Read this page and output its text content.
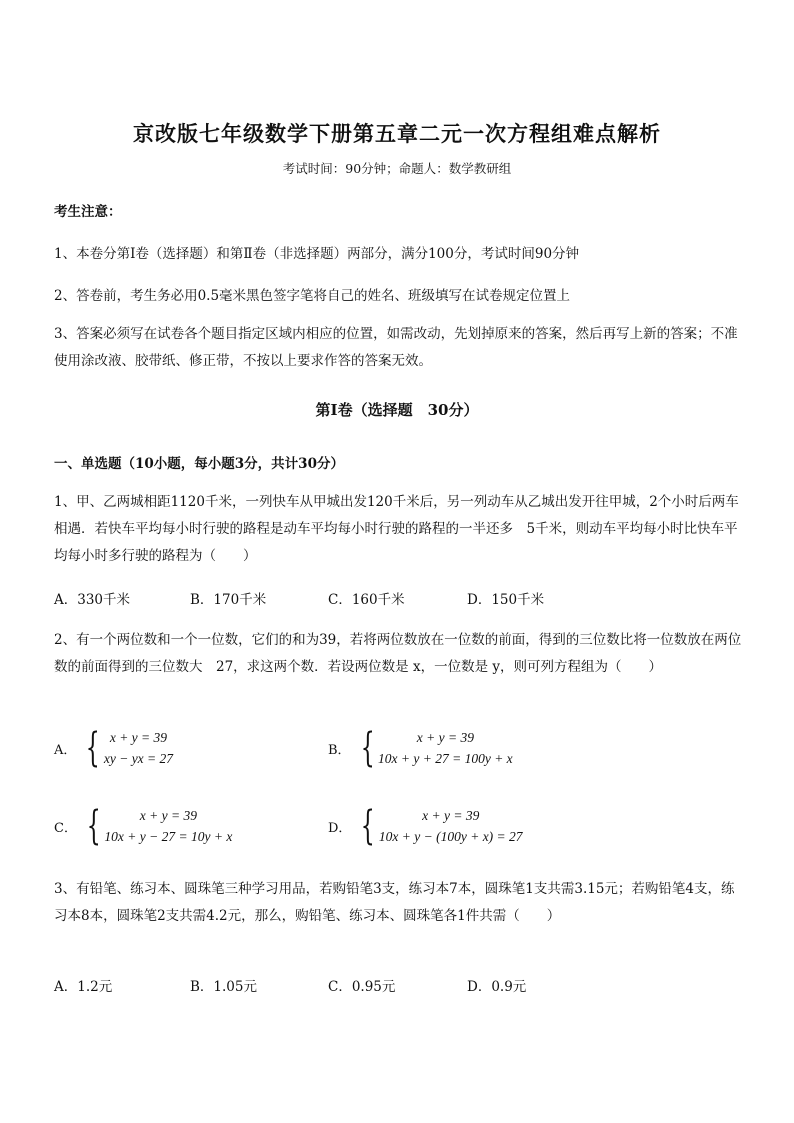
京改版七年级数学下册第五章二元一次方程组难点解析
考试时间：90分钟；命题人：数学教研组
考生注意：
1、本卷分第Ⅰ卷（选择题）和第Ⅱ卷（非选择题）两部分，满分100分，考试时间90分钟
2、答卷前，考生务必用0.5毫米黑色签字笔将自己的姓名、班级填写在试卷规定位置上
3、答案必须写在试卷各个题目指定区域内相应的位置，如需改动，先划掉原来的答案，然后再写上新的答案；不准使用涂改液、胶带纸、修正带，不按以上要求作答的答案无效。
第Ⅰ卷（选择题　30分）
一、单选题（10小题，每小题3分，共计30分）
1、甲、乙两城相距1120千米，一列快车从甲城出发120千米后，另一列动车从乙城出发开往甲城，2个小时后两车相遇．若快车平均每小时行驶的路程是动车平均每小时行驶的路程的一半还多　5千米，则动车平均每小时比快车平均每小时多行驶的路程为（　　）
A．330千米	B．170千米	C．160千米	D．150千米
2、有一个两位数和一个一位数，它们的和为39，若将两位数放在一位数的前面，得到的三位数比将一位数放在两位数的前面得到的三位数大　27，求这两个数．若设两位数是 x，一位数是 y，则可列方程组为（　　）
A． { x + y = 39
xy − yx = 27
B． {	x + y = 39
10x + y + 27 = 100y + x
C． {	x + y = 39
10x + y − 27 = 10y + x
D． {	x + y = 39
10x + y − (100y + x) = 27
3、有铅笔、练习本、圆珠笔三种学习用品，若购铅笔3支，练习本7本，圆珠笔1支共需3.15元；若购铅笔4支，练习本8本，圆珠笔2支共需4.2元，那么，购铅笔、练习本、圆珠笔各1件共需（　　）
A．1.2元	B．1.05元	C．0.95元	D．0.9元
